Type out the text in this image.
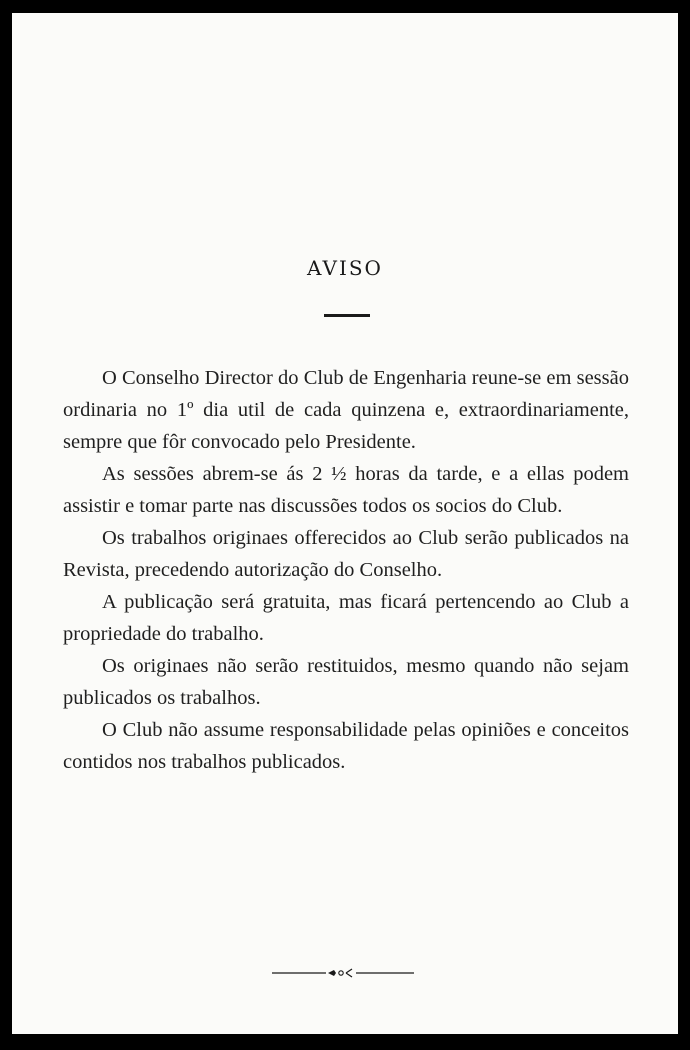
AVISO

O Conselho Director do Club de Engenharia reune-se em sessão ordinaria no 1º dia util de cada quinzena e, extraordinariamente, sempre que fôr convocado pelo Presidente.

As sessões abrem-se ás 2 ½ horas da tarde, e a ellas podem assistir e tomar parte nas discussões todos os socios do Club.

Os trabalhos originaes offerecidos ao Club serão publicados na Revista, precedendo autorização do Conselho.

A publicação será gratuita, mas ficará pertencendo ao Club a propriedade do trabalho.

Os originaes não serão restituidos, mesmo quando não sejam publicados os trabalhos.

O Club não assume responsabilidade pelas opiniões e conceitos contidos nos trabalhos publicados.
